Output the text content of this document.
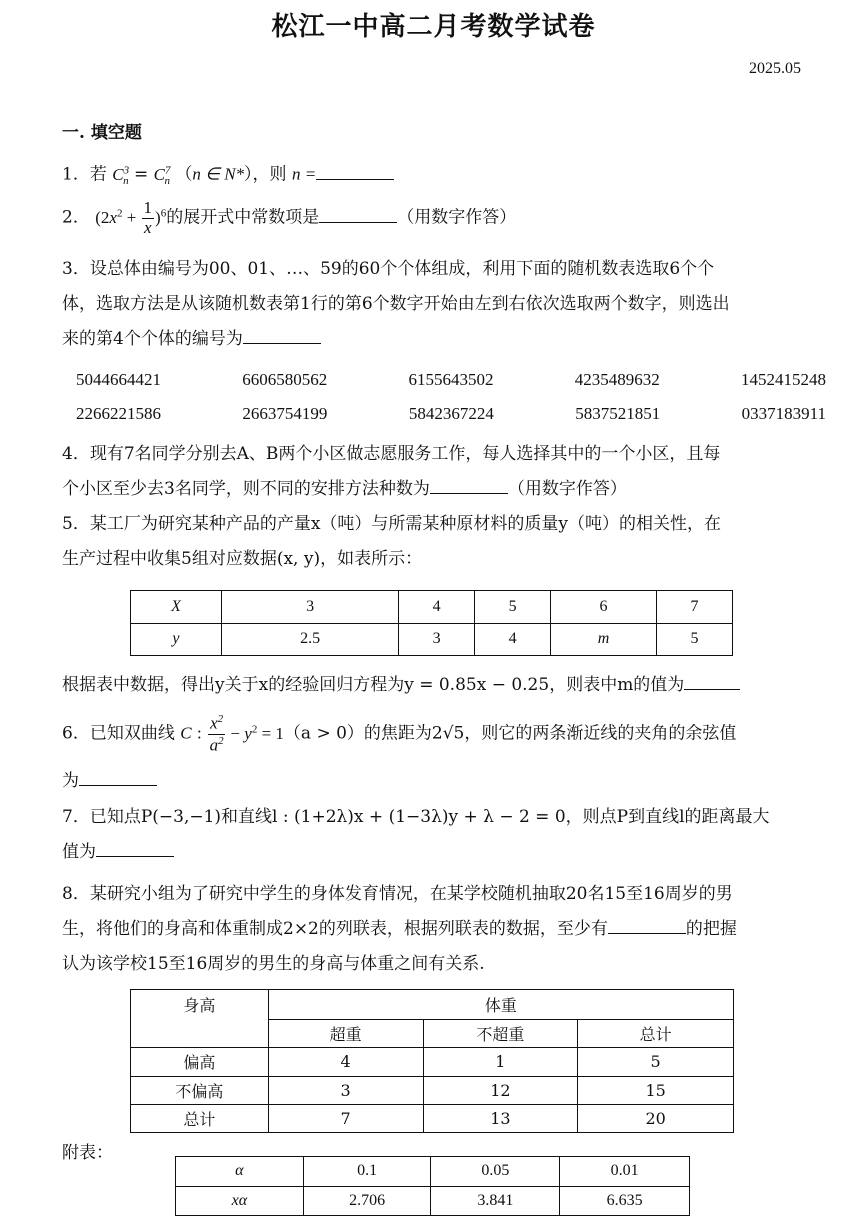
松江一中高二月考数学试卷
2025.05
一. 填空题
1．若 $C^3_n = C^7_n$ （n ∈ N*），则 n =
2． $(2x^2 + \frac{1}{x} )^6$的展开式中常数项是	（用数字作答）
3．设总体由编号为00、01、…、59的60个个体组成，利用下面的随机数表选取6个个
体，选取方法是从该随机数表第1行的第6个数字开始由左到右依次选取两个数字，则选出
来的第4个个体的编号为
5044664421	6606580562	6155643502	4235489632	1452415248
2266221586	2663754199	5842367224	5837521851	0337183911
4．现有7名同学分别去A、B两个小区做志愿服务工作，每人选择其中的一个小区，且每
个小区至少去3名同学，则不同的安排方法种数为	（用数字作答）
5．某工厂为研究某种产品的产量x（吨）与所需某种原材料的质量y（吨）的相关性，在
生产过程中收集5组对应数据(x, y)，如表所示：
X	3	4	5	6	7
y	2.5	3	4	m	5
根据表中数据，得出y关于x的经验回归方程为y = 0.85x − 0.25，则表中m的值为
6．已知双曲线 C : $\frac{x^2}{a^2} - y^2 = 1(a > 0)$的焦距为2√5，则它的两条渐近线的夹角的余弦值
为
7．已知点P(−3,−1)和直线l : (1+2λ)x + (1−3λ)y + λ − 2 = 0，则点P到直线l的距离最大
值为
8．某研究小组为了研究中学生的身体发育情况，在某学校随机抽取20名15至16周岁的男
生，将他们的身高和体重制成2×2的列联表，根据列联表的数据，至少有	的把握
认为该学校15至16周岁的男生的身高与体重之间有关系.
身高	体重		
	超重	不超重	总计
偏高	4	1	5
不偏高	3	12	15
总计	7	13	20
附表：
α	0.1	0.05	0.01
xα	2.706	3.841	6.635
